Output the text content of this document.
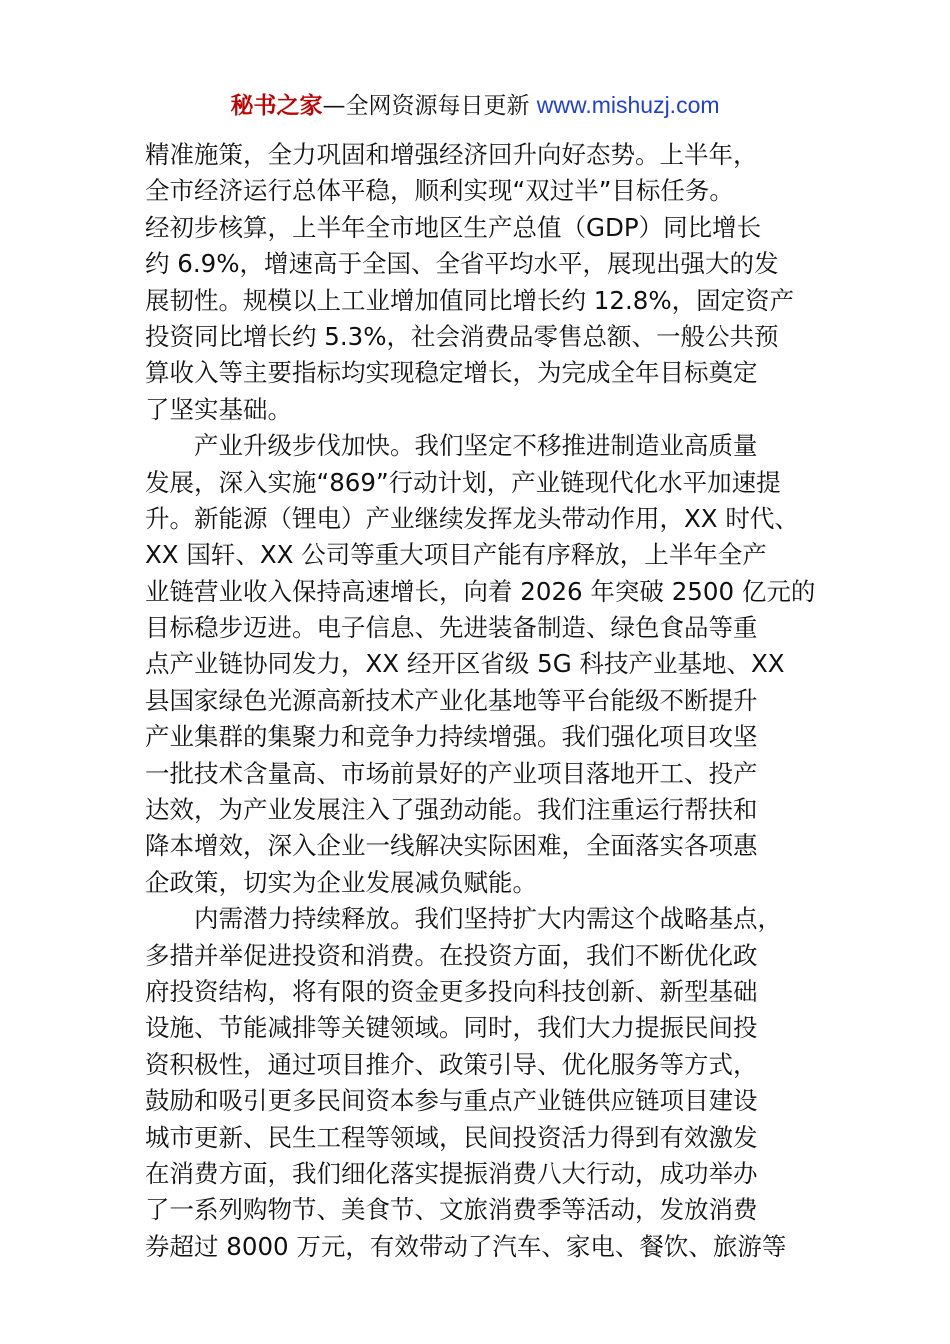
秘书之家—全网资源每日更新 www.mishuzj.com
精准施策，全力巩固和增强经济回升向好态势。上半年，
全市经济运行总体平稳，顺利实现“双过半”目标任务。
经初步核算，上半年全市地区生产总值（GDP）同比增长
约 6.9%，增速高于全国、全省平均水平，展现出强大的发
展韧性。规模以上工业增加值同比增长约 12.8%，固定资产
投资同比增长约 5.3%，社会消费品零售总额、一般公共预
算收入等主要指标均实现稳定增长，为完成全年目标奠定
了坚实基础。
产业升级步伐加快。我们坚定不移推进制造业高质量
发展，深入实施“869”行动计划，产业链现代化水平加速提
升。新能源（锂电）产业继续发挥龙头带动作用，XX 时代、
XX 国轩、XX 公司等重大项目产能有序释放，上半年全产
业链营业收入保持高速增长，向着 2026 年突破 2500 亿元的
目标稳步迈进。电子信息、先进装备制造、绿色食品等重
点产业链协同发力，XX 经开区省级 5G 科技产业基地、XX
县国家绿色光源高新技术产业化基地等平台能级不断提升
产业集群的集聚力和竞争力持续增强。我们强化项目攻坚
一批技术含量高、市场前景好的产业项目落地开工、投产
达效，为产业发展注入了强劲动能。我们注重运行帮扶和
降本增效，深入企业一线解决实际困难，全面落实各项惠
企政策，切实为企业发展减负赋能。
内需潜力持续释放。我们坚持扩大内需这个战略基点，
多措并举促进投资和消费。在投资方面，我们不断优化政
府投资结构，将有限的资金更多投向科技创新、新型基础
设施、节能减排等关键领域。同时，我们大力提振民间投
资积极性，通过项目推介、政策引导、优化服务等方式，
鼓励和吸引更多民间资本参与重点产业链供应链项目建设
城市更新、民生工程等领域，民间投资活力得到有效激发
在消费方面，我们细化落实提振消费八大行动，成功举办
了一系列购物节、美食节、文旅消费季等活动，发放消费
券超过 8000 万元，有效带动了汽车、家电、餐饮、旅游等
